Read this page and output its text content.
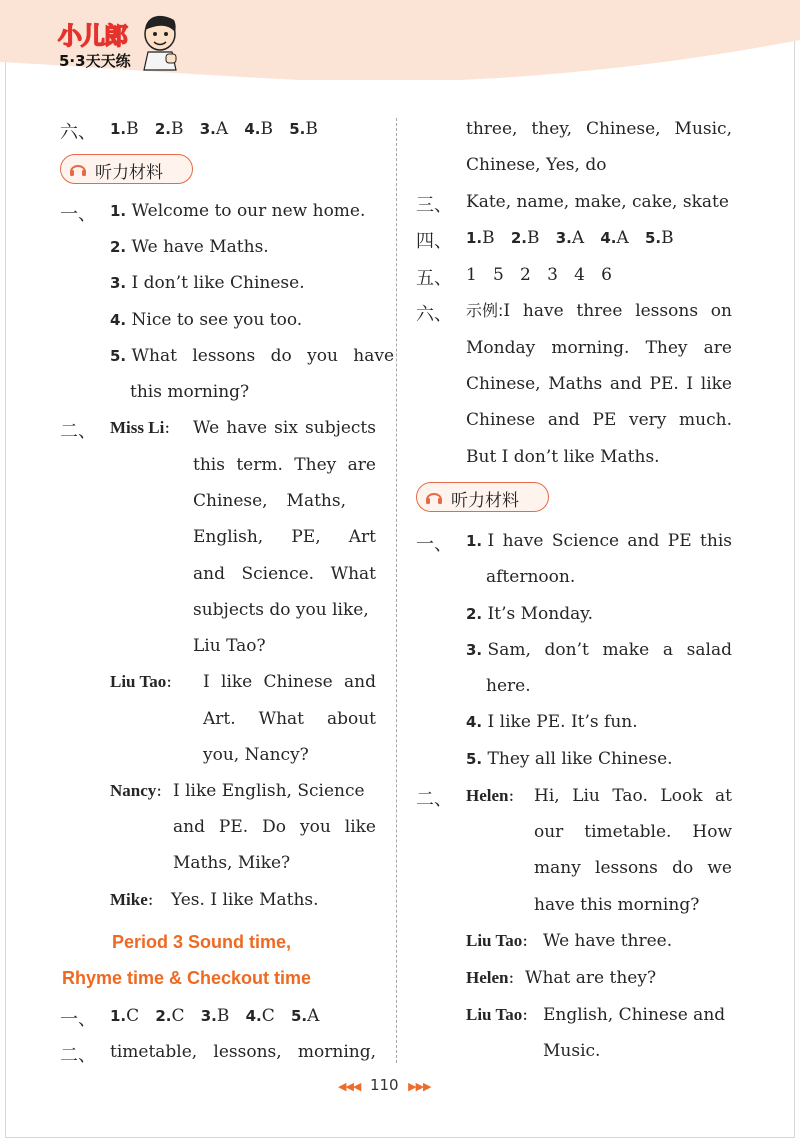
小儿郎
5·3天天练
六、 1.B 2.B 3.A 4.B 5.B
听力材料
一、 1. Welcome to our new home.
2. We have Maths.
3. I don’t like Chinese.
4. Nice to see you too.
5. What lessons do you have
this morning?
二、 Miss Li: We have six subjects
this term. They are
Chinese, Maths,
English, PE, Art
and Science. What
subjects do you like,
Liu Tao?
Liu Tao: I like Chinese and
Art. What about
you, Nancy?
Nancy: I like English, Science
and PE. Do you like
Maths, Mike?
Mike: Yes. I like Maths.
Period 3 Sound time,
Rhyme time & Checkout time
一、 1.C 2.C 3.B 4.C 5.A
二、 timetable, lessons, morning,
three, they, Chinese, Music,
Chinese, Yes, do
三、 Kate, name, make, cake, skate
四、 1.B 2.B 3.A 4.A 5.B
五、 1   5   2   3   4   6
六、 示例: I have three lessons on
Monday morning. They are
Chinese, Maths and PE. I like
Chinese and PE very much.
But I don’t like Maths.
听力材料
一、 1.
I have Science and PE this
afternoon.
2. It’s Monday.
3.
Sam, don’t make a salad
here.
4. I like PE. It’s fun.
5. They all like Chinese.
二、 Helen: Hi, Liu Tao. Look at
our timetable. How
many lessons do we
have this morning?
Liu Tao: We have three.
Helen: What are they?
Liu Tao: English, Chinese and
Music.
◀◀◀ 110 ▶▶▶
